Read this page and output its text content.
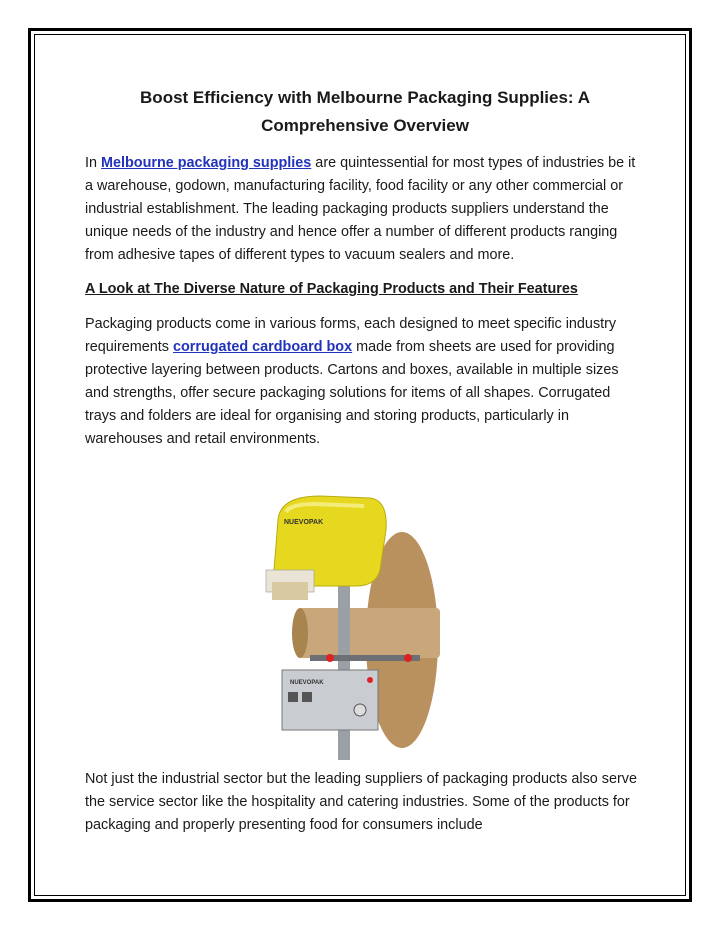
Boost Efficiency with Melbourne Packaging Supplies: A
Comprehensive Overview

In Melbourne packaging supplies are quintessential for most types of industries be it a warehouse, godown, manufacturing facility, food facility or any other commercial or industrial establishment. The leading packaging products suppliers understand the unique needs of the industry and hence offer a number of different products ranging from adhesive tapes of different types to vacuum sealers and more.

A Look at The Diverse Nature of Packaging Products and Their Features

Packaging products come in various forms, each designed to meet specific industry requirements corrugated cardboard box made from sheets are used for providing protective layering between products. Cartons and boxes, available in multiple sizes and strengths, offer secure packaging solutions for items of all shapes. Corrugated trays and folders are ideal for organising and storing products, particularly in warehouses and retail environments.

NUEVOPAK
NUEVOPAK

Not just the industrial sector but the leading suppliers of packaging products also serve the service sector like the hospitality and catering industries. Some of the products for packaging and properly presenting food for consumers include
